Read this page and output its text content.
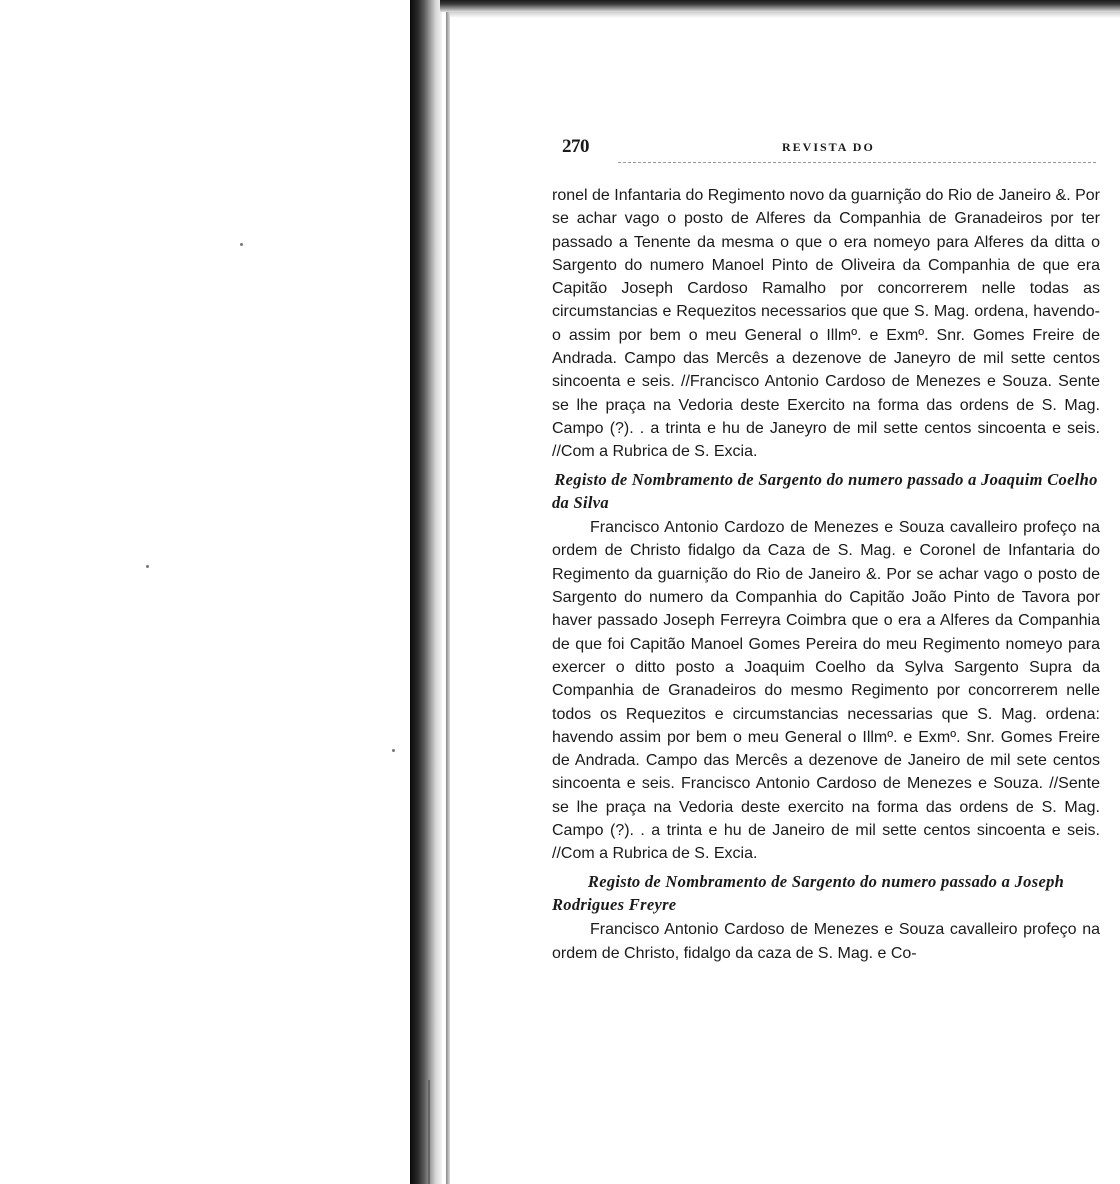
270	REVISTA DO

ronel de Infantaria do Regimento novo da guarnição do Rio de Janeiro &. Por se achar vago o posto de Alferes da Companhia de Granadeiros por ter passado a Tenente da mesma o que o era nomeyo para Alferes da ditta o Sargento do numero Manoel Pinto de Oliveira da Companhia de que era Capitão Joseph Cardoso Ramalho por concorrerem nelle todas as circumstancias e Requezitos necessarios que que S. Mag. ordena, havendo-o assim por bem o meu General o Illmº. e Exmº. Snr. Gomes Freire de Andrada. Campo das Mercês a dezenove de Janeyro de mil sette centos sincoenta e seis. //Francisco Antonio Cardoso de Menezes e Souza. Sente se lhe praça na Vedoria deste Exercito na forma das ordens de S. Mag. Campo (?). . a trinta e hu de Janeyro de mil sette centos sincoenta e seis. //Com a Rubrica de S. Excia.

Registo de Nombramento de Sargento do numero passado a Joaquim Coelho da Silva

Francisco Antonio Cardozo de Menezes e Souza cavalleiro profeço na ordem de Christo fidalgo da Caza de S. Mag. e Coronel de Infantaria do Regimento da guarnição do Rio de Janeiro &. Por se achar vago o posto de Sargento do numero da Companhia do Capitão João Pinto de Tavora por haver passado Joseph Ferreyra Coimbra que o era a Alferes da Companhia de que foi Capitão Manoel Gomes Pereira do meu Regimento nomeyo para exercer o ditto posto a Joaquim Coelho da Sylva Sargento Supra da Companhia de Granadeiros do mesmo Regimento por concorrerem nelle todos os Requezitos e circumstancias necessarias que S. Mag. ordena: havendo assim por bem o meu General o Illmº. e Exmº. Snr. Gomes Freire de Andrada. Campo das Mercês a dezenove de Janeiro de mil sete centos sincoenta e seis. Francisco Antonio Cardoso de Menezes e Souza. //Sente se lhe praça na Vedoria deste exercito na forma das ordens de S. Mag. Campo (?). . a trinta e hu de Janeiro de mil sette centos sincoenta e seis. //Com a Rubrica de S. Excia.

Registo de Nombramento de Sargento do numero passado a Joseph Rodrigues Freyre

Francisco Antonio Cardoso de Menezes e Souza cavalleiro profeço na ordem de Christo, fidalgo da caza de S. Mag. e Co-
